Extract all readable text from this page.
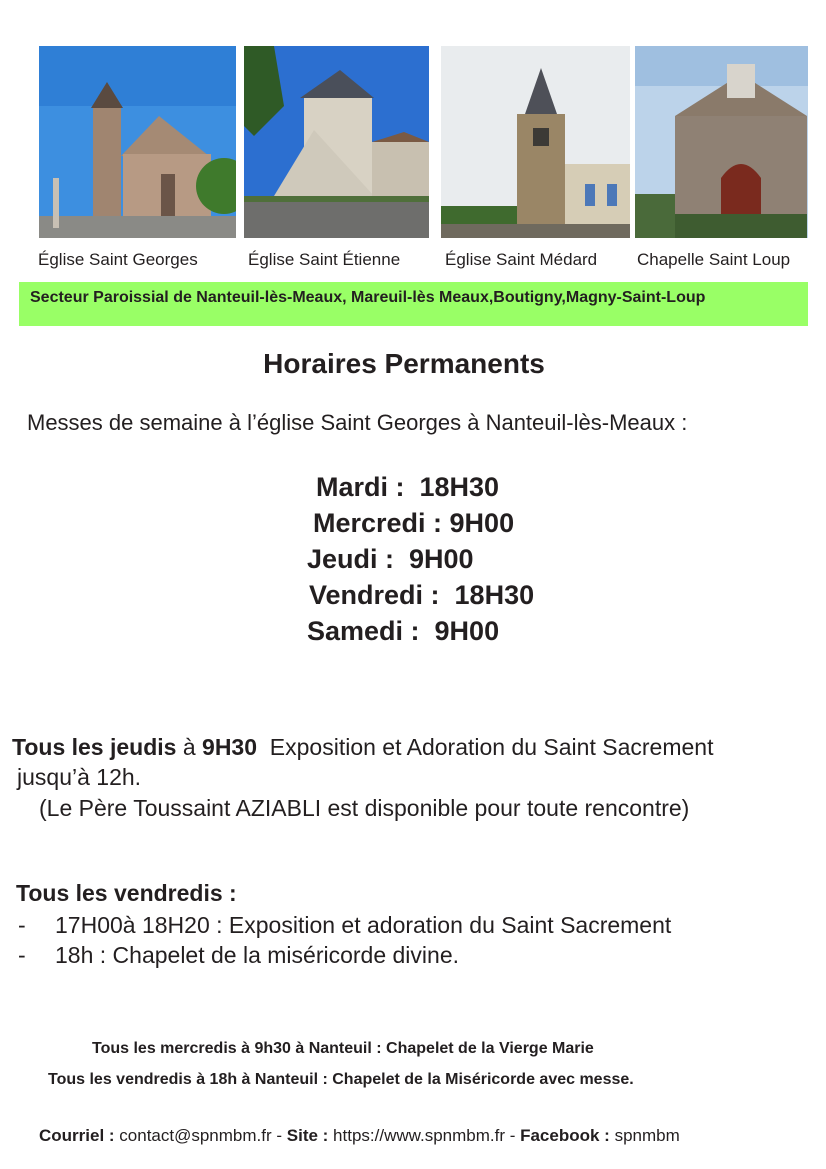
Église Saint Georges	Église Saint Étienne	Église Saint Médard Chapelle Saint Loup
Secteur Paroissial de Nanteuil-lès-Meaux, Mareuil-lès Meaux,Boutigny,Magny-Saint-Loup
Horaires Permanents
Messes de semaine à l’église Saint Georges à Nanteuil-lès-Meaux :
Mardi :  18H30
Mercredi : 9H00
Jeudi :  9H00
Vendredi :  18H30
Samedi :  9H00
Tous les jeudis à 9H30  Exposition et Adoration du Saint Sacrement
jusqu’à 12h.
(Le Père Toussaint AZIABLI est disponible pour toute rencontre)
Tous les vendredis :
- 17H00à 18H20 : Exposition et adoration du Saint Sacrement
- 18h : Chapelet de la miséricorde divine.
Tous les mercredis à 9h30 à Nanteuil : Chapelet de la Vierge Marie
Tous les vendredis à 18h à Nanteuil : Chapelet de la Miséricorde avec messe.
Courriel : contact@spnmbm.fr - Site : https://www.spnmbm.fr - Facebook : spnmbm
